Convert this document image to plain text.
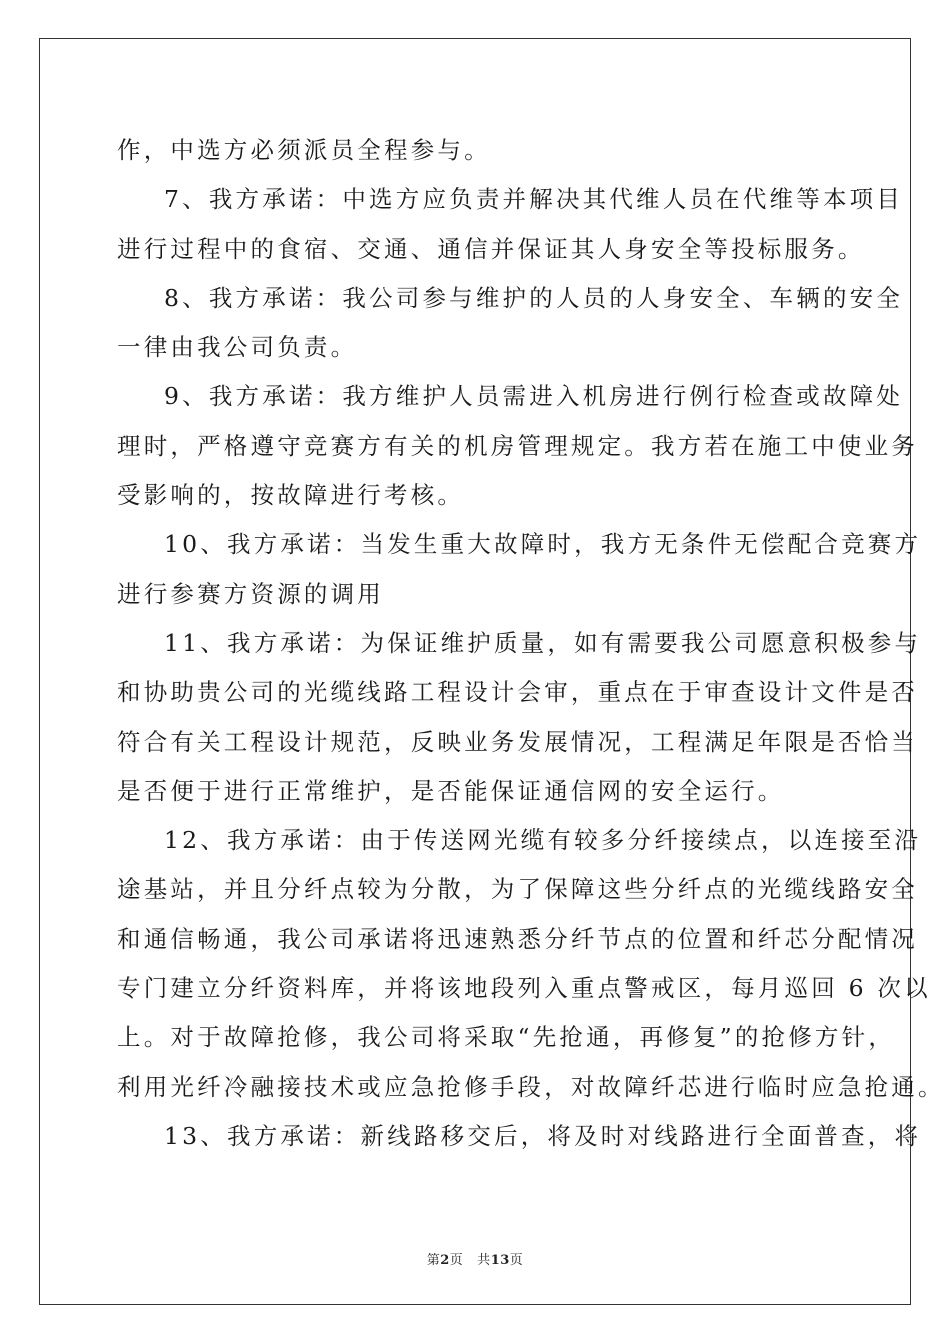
作，中选方必须派员全程参与。
7、我方承诺：中选方应负责并解决其代维人员在代维等本项目
进行过程中的食宿、交通、通信并保证其人身安全等投标服务。
8、我方承诺：我公司参与维护的人员的人身安全、车辆的安全
一律由我公司负责。
9、我方承诺：我方维护人员需进入机房进行例行检查或故障处
理时，严格遵守竞赛方有关的机房管理规定。我方若在施工中使业务
受影响的，按故障进行考核。
10、我方承诺：当发生重大故障时，我方无条件无偿配合竞赛方
进行参赛方资源的调用
11、我方承诺：为保证维护质量，如有需要我公司愿意积极参与
和协助贵公司的光缆线路工程设计会审，重点在于审查设计文件是否
符合有关工程设计规范，反映业务发展情况，工程满足年限是否恰当
是否便于进行正常维护，是否能保证通信网的安全运行。
12、我方承诺：由于传送网光缆有较多分纤接续点，以连接至沿
途基站，并且分纤点较为分散，为了保障这些分纤点的光缆线路安全
和通信畅通，我公司承诺将迅速熟悉分纤节点的位置和纤芯分配情况
专门建立分纤资料库，并将该地段列入重点警戒区，每月巡回 6 次以
上。对于故障抢修，我公司将采取“先抢通，再修复”的抢修方针，
利用光纤冷融接技术或应急抢修手段，对故障纤芯进行临时应急抢通。
13、我方承诺：新线路移交后，将及时对线路进行全面普查，将
第2页 共13页
